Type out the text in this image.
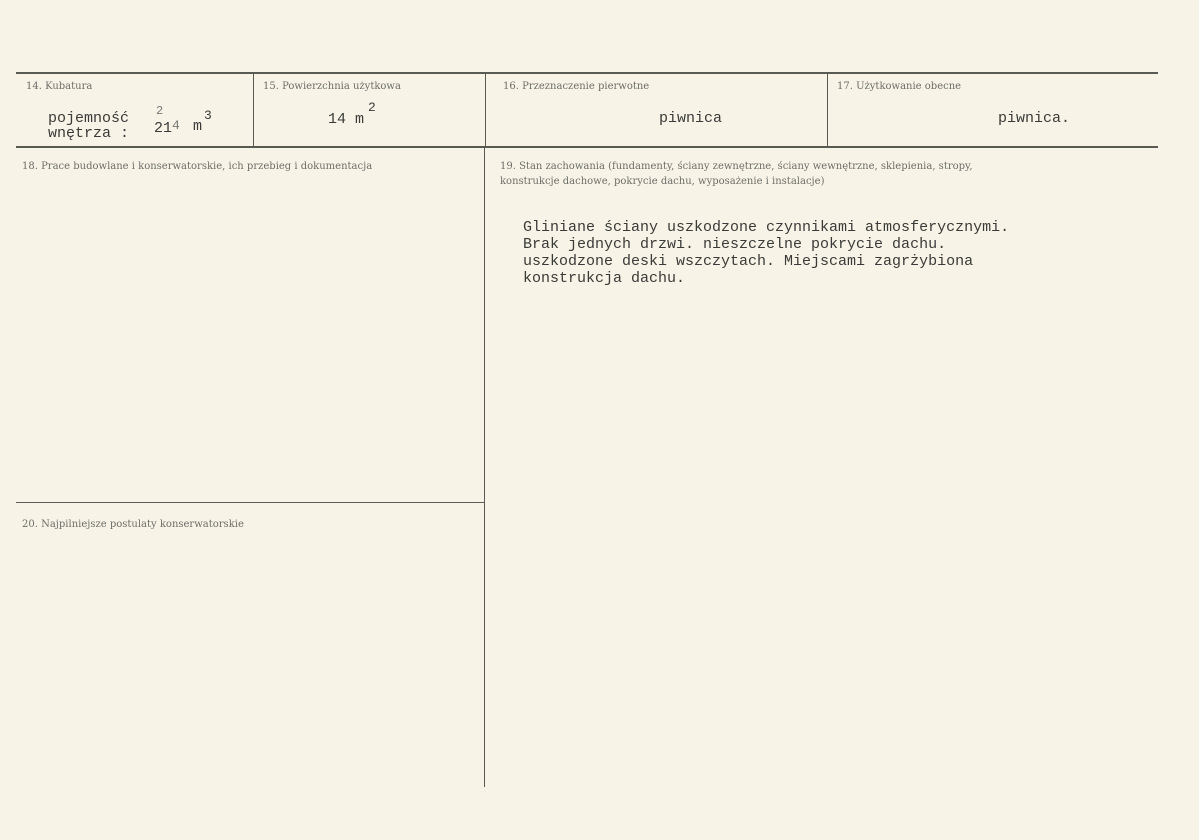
14. Kubatura
pojemność 2
wnętrza : 21 4 m
3
15. Powierzchnia użytkowa
14 m
2
16. Przeznaczenie pierwotne
piwnica
17. Użytkowanie obecne
piwnica.
18. Prace budowlane i konserwatorskie, ich przebieg i dokumentacja	19. Stan zachowania (fundamenty, ściany zewnętrzne, ściany wewnętrzne, sklepienia, stropy,
konstrukcje dachowe, pokrycie dachu, wyposażenie i instalacje)
Gliniane ściany uszkodzone czynnikami atmosferycznymi.
Brak jednych drzwi. nieszczelne pokrycie dachu.
uszkodzone deski wszczytach. Miejscami zagrżybiona
konstrukcja dachu.
20. Najpilniejsze postulaty konserwatorskie
